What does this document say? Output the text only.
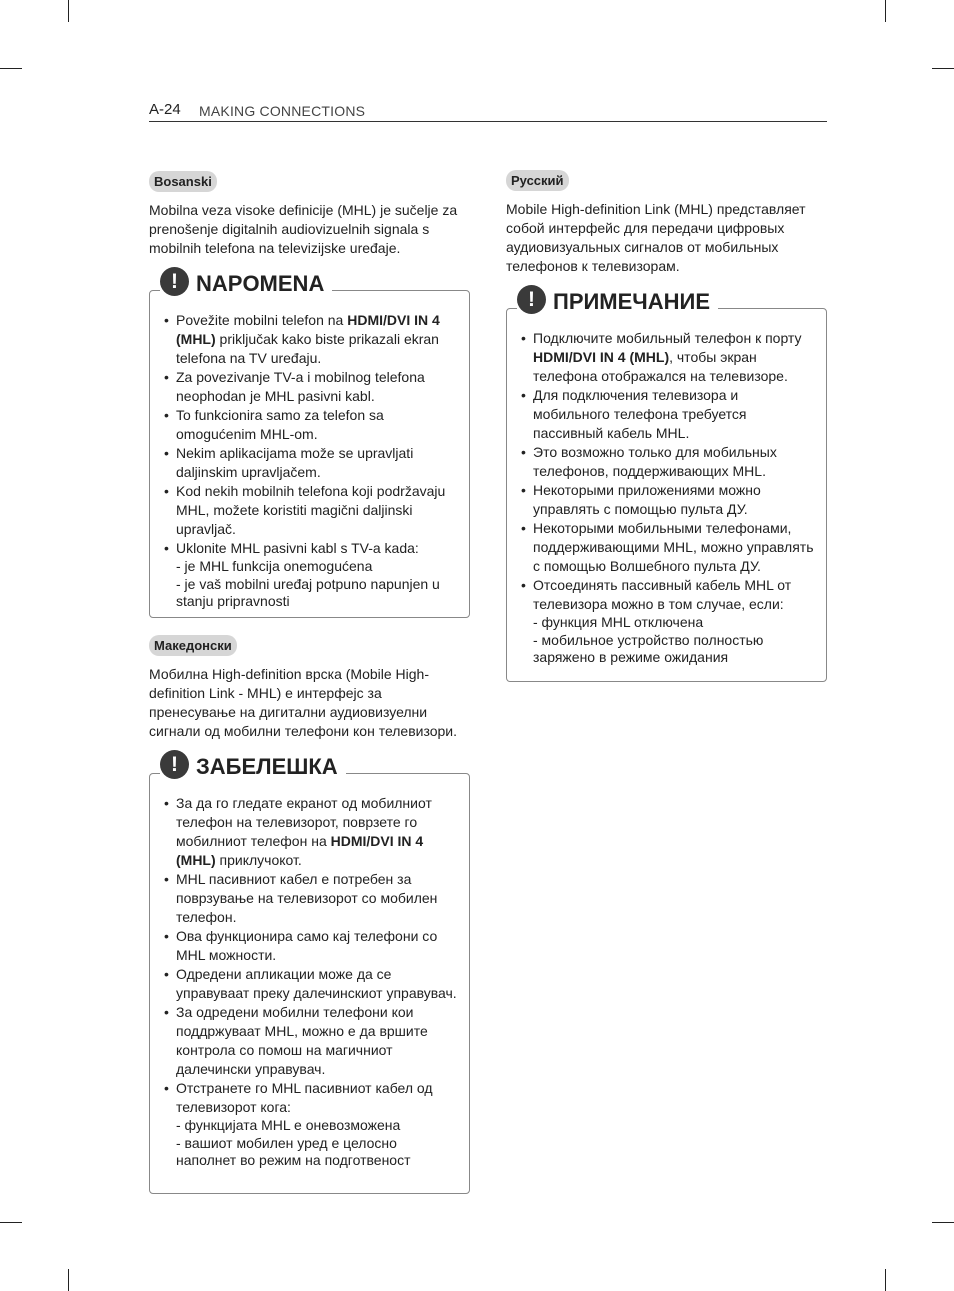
A-24 MAKING CONNECTIONS
Bosanski
Mobilna veza visoke definicije (MHL) je sučelje za prenošenje digitalnih audiovizuelnih signala s mobilnih telefona na televizijske uređaje.
! NAPOMENA
• Povežite mobilni telefon na HDMI/DVI IN 4 (MHL) priključak kako biste prikazali ekran telefona na TV uređaju.
• Za povezivanje TV-a i mobilnog telefona neophodan je MHL pasivni kabl.
• To funkcionira samo za telefon sa omogućenim MHL-om.
• Nekim aplikacijama može se upravljati daljinskim upravljačem.
• Kod nekih mobilnih telefona koji podržavaju MHL, možete koristiti magični daljinski upravljač.
• Uklonite MHL pasivni kabl s TV-a kada:
- je MHL funkcija onemogućena
- je vaš mobilni uređaj potpuno napunjen u stanju pripravnosti
Македонски
Мобилна High-definition врска (Mobile High-definition Link - MHL) е интерфејс за пренесување на дигитални аудиовизуелни сигнали од мобилни телефони кон телевизори.
! ЗАБЕЛЕШКА
• За да го гледате екранот од мобилниот телефон на телевизорот, поврзете го мобилниот телефон на HDMI/DVI IN 4 (MHL) приклучокот.
• MHL пасивниот кабел е потребен за поврзување на телевизорот со мобилен телефон.
• Ова функционира само кај телефони со MHL можности.
• Одредени апликации може да се управуваат преку далечинскиот управувач.
• За одредени мобилни телефони кои поддржуваат MHL, можно е да вршите контрола со помош на магичниот далечински управувач.
• Отстранете го MHL пасивниот кабел од телевизорот кога:
- функцијата MHL е оневозможена
- вашиот мобилен уред е целосно наполнет во режим на подготвеност
Русский
Mobile High-definition Link (MHL) представляет собой интерфейс для передачи цифровых аудиовизуальных сигналов от мобильных телефонов к телевизорам.
! ПРИМЕЧАНИЕ
• Подключите мобильный телефон к порту HDMI/DVI IN 4 (MHL), чтобы экран телефона отображался на телевизоре.
• Для подключения телевизора и мобильного телефона требуется пассивный кабель MHL.
• Это возможно только для мобильных телефонов, поддерживающих MHL.
• Некоторыми приложениями можно управлять с помощью пульта ДУ.
• Некоторыми мобильными телефонами, поддерживающими MHL, можно управлять с помощью Волшебного пульта ДУ.
• Отсоединять пассивный кабель MHL от телевизора можно в том случае, если:
- функция MHL отключена
- мобильное устройство полностью заряжено в режиме ожидания
